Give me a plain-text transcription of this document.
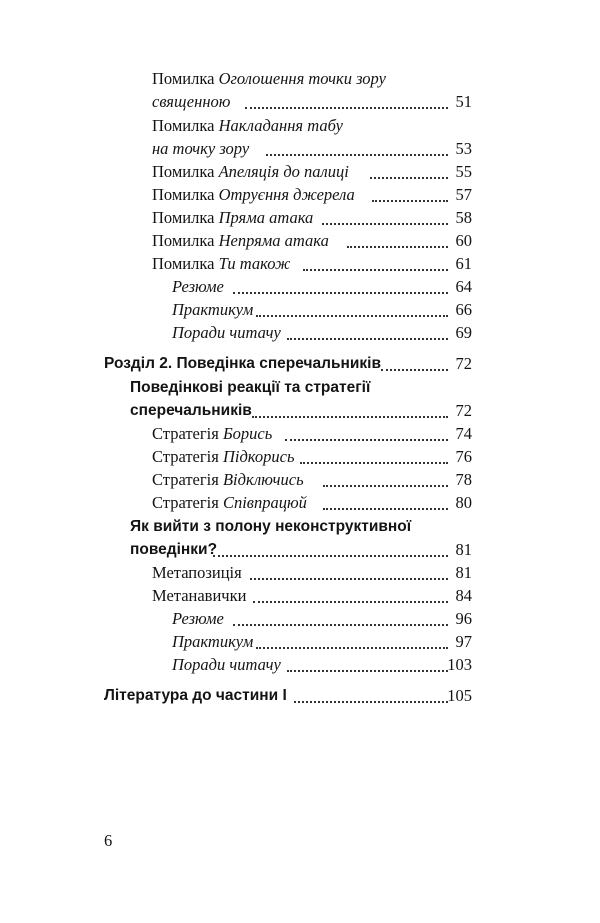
Помилка Оголошення точки зору
священною	51
Помилка Накладання табу
на точку зору	53
Помилка Апеляція до палиці	55
Помилка Отруєння джерела	57
Помилка Пряма атака	58
Помилка Непряма атака	60
Помилка Ти також	61
Резюме	64
Практикум	66
Поради читачу	69
Розділ 2. Поведінка сперечальників	72
Поведінкові реакції та стратегії
сперечальників	72
Стратегія Борись	74
Стратегія Підкорись	76
Стратегія Відключись	78
Стратегія Співпрацюй	80
Як вийти з полону неконструктивної
поведінки?	81
Метапозиція	81
Метанавички	84
Резюме	96
Практикум	97
Поради читачу	103
Література до частини І	105
6
